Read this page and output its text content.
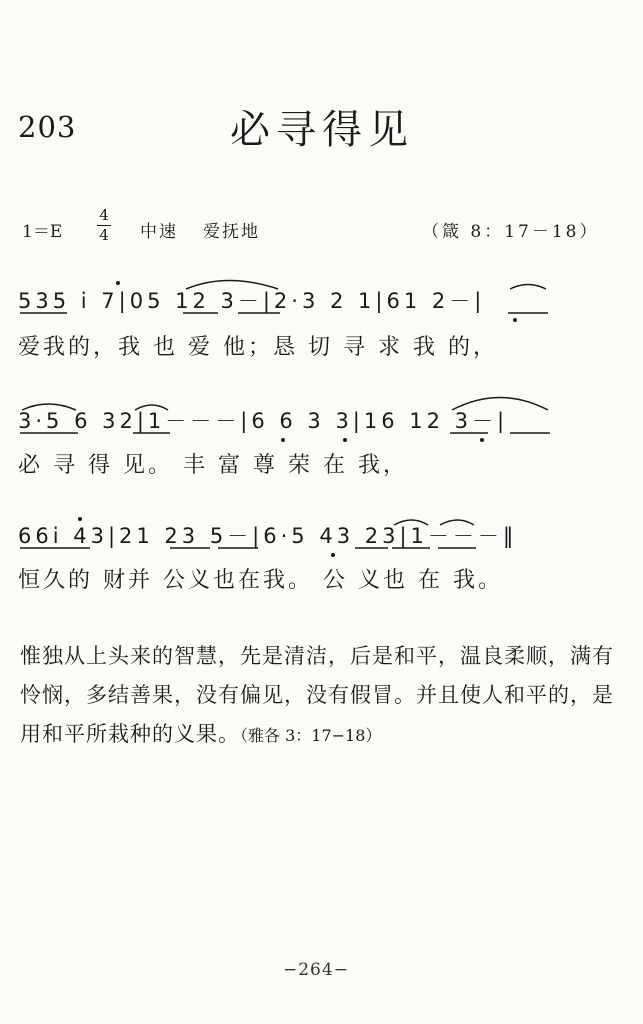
203	必寻得见
1＝E
4
4 中速 爱抚地	（箴 8：17－18）
535 i 7|05 12 3－|2·3 2 1|61 2－|
爱我的，我 也 爱 他；恳 切 寻 求 我 的，
3·5 6 32|1－－－|6 6 3 3|16 12 3－|
必 寻 得 见。 丰 富 尊 荣 在 我，
66i 43|21 23 5－|6·5 43 23|1－－－‖
恒久的 财并 公义也在我。 公 义也 在 我。
惟独从上头来的智慧，先是清洁，后是和平，温良柔顺，满有怜悯，多结善果，没有偏见，没有假冒。并且使人和平的，是用和平所栽种的义果。（雅各 3：17−18）
−264−
